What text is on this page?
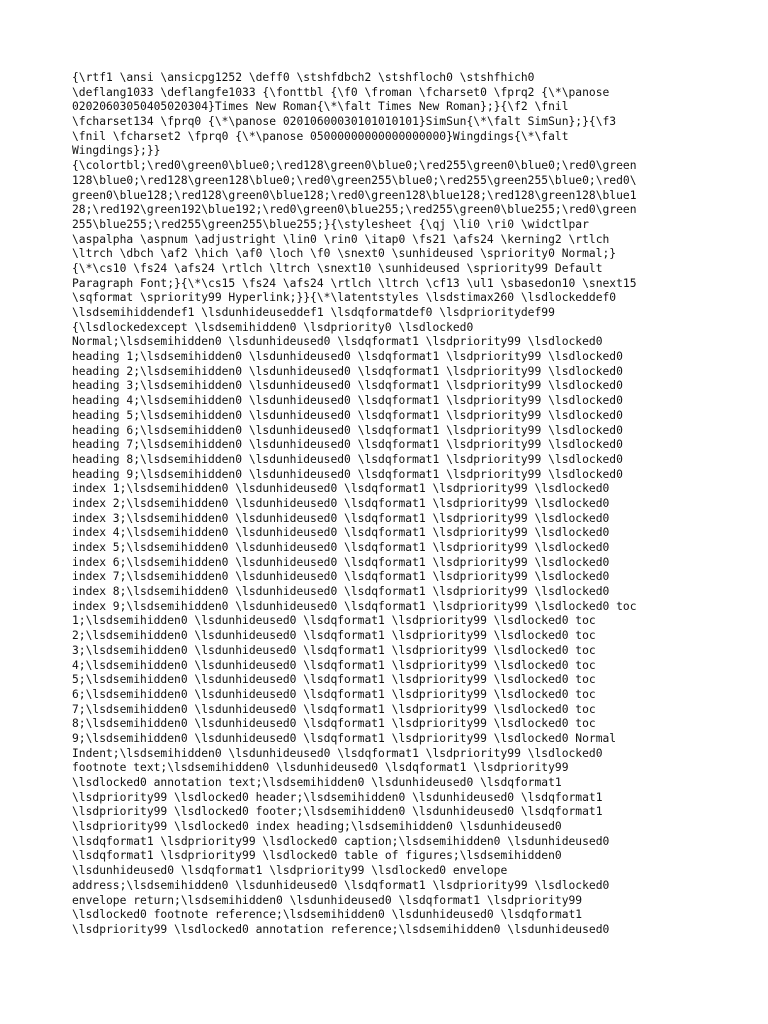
{\rtf1 \ansi \ansicpg1252 \deff0 \stshfdbch2 \stshfloch0 \stshfhich0
\deflang1033 \deflangfe1033 {\fonttbl {\f0 \froman \fcharset0 \fprq2 {\*\panose
02020603050405020304}Times New Roman{\*\falt Times New Roman};}{\f2 \fnil
\fcharset134 \fprq0 {\*\panose 02010600030101010101}SimSun{\*\falt SimSun};}{\f3
\fnil \fcharset2 \fprq0 {\*\panose 05000000000000000000}Wingdings{\*\falt
Wingdings};}}
{\colortbl;\red0\green0\blue0;\red128\green0\blue0;\red255\green0\blue0;\red0\green
128\blue0;\red128\green128\blue0;\red0\green255\blue0;\red255\green255\blue0;\red0\
green0\blue128;\red128\green0\blue128;\red0\green128\blue128;\red128\green128\blue1
28;\red192\green192\blue192;\red0\green0\blue255;\red255\green0\blue255;\red0\green
255\blue255;\red255\green255\blue255;}{\stylesheet {\qj \li0 \ri0 \widctlpar
\aspalpha \aspnum \adjustright \lin0 \rin0 \itap0 \fs21 \afs24 \kerning2 \rtlch
\ltrch \dbch \af2 \hich \af0 \loch \f0 \snext0 \sunhideused \spriority0 Normal;}
{\*\cs10 \fs24 \afs24 \rtlch \ltrch \snext10 \sunhideused \spriority99 Default
Paragraph Font;}{\*\cs15 \fs24 \afs24 \rtlch \ltrch \cf13 \ul1 \sbasedon10 \snext15
\sqformat \spriority99 Hyperlink;}}{\*\latentstyles \lsdstimax260 \lsdlockeddef0
\lsdsemihiddendef1 \lsdunhideuseddef1 \lsdqformatdef0 \lsdprioritydef99
{\lsdlockedexcept \lsdsemihidden0 \lsdpriority0 \lsdlocked0
Normal;\lsdsemihidden0 \lsdunhideused0 \lsdqformat1 \lsdpriority99 \lsdlocked0
heading 1;\lsdsemihidden0 \lsdunhideused0 \lsdqformat1 \lsdpriority99 \lsdlocked0
heading 2;\lsdsemihidden0 \lsdunhideused0 \lsdqformat1 \lsdpriority99 \lsdlocked0
heading 3;\lsdsemihidden0 \lsdunhideused0 \lsdqformat1 \lsdpriority99 \lsdlocked0
heading 4;\lsdsemihidden0 \lsdunhideused0 \lsdqformat1 \lsdpriority99 \lsdlocked0
heading 5;\lsdsemihidden0 \lsdunhideused0 \lsdqformat1 \lsdpriority99 \lsdlocked0
heading 6;\lsdsemihidden0 \lsdunhideused0 \lsdqformat1 \lsdpriority99 \lsdlocked0
heading 7;\lsdsemihidden0 \lsdunhideused0 \lsdqformat1 \lsdpriority99 \lsdlocked0
heading 8;\lsdsemihidden0 \lsdunhideused0 \lsdqformat1 \lsdpriority99 \lsdlocked0
heading 9;\lsdsemihidden0 \lsdunhideused0 \lsdqformat1 \lsdpriority99 \lsdlocked0
index 1;\lsdsemihidden0 \lsdunhideused0 \lsdqformat1 \lsdpriority99 \lsdlocked0
index 2;\lsdsemihidden0 \lsdunhideused0 \lsdqformat1 \lsdpriority99 \lsdlocked0
index 3;\lsdsemihidden0 \lsdunhideused0 \lsdqformat1 \lsdpriority99 \lsdlocked0
index 4;\lsdsemihidden0 \lsdunhideused0 \lsdqformat1 \lsdpriority99 \lsdlocked0
index 5;\lsdsemihidden0 \lsdunhideused0 \lsdqformat1 \lsdpriority99 \lsdlocked0
index 6;\lsdsemihidden0 \lsdunhideused0 \lsdqformat1 \lsdpriority99 \lsdlocked0
index 7;\lsdsemihidden0 \lsdunhideused0 \lsdqformat1 \lsdpriority99 \lsdlocked0
index 8;\lsdsemihidden0 \lsdunhideused0 \lsdqformat1 \lsdpriority99 \lsdlocked0
index 9;\lsdsemihidden0 \lsdunhideused0 \lsdqformat1 \lsdpriority99 \lsdlocked0 toc
1;\lsdsemihidden0 \lsdunhideused0 \lsdqformat1 \lsdpriority99 \lsdlocked0 toc
2;\lsdsemihidden0 \lsdunhideused0 \lsdqformat1 \lsdpriority99 \lsdlocked0 toc
3;\lsdsemihidden0 \lsdunhideused0 \lsdqformat1 \lsdpriority99 \lsdlocked0 toc
4;\lsdsemihidden0 \lsdunhideused0 \lsdqformat1 \lsdpriority99 \lsdlocked0 toc
5;\lsdsemihidden0 \lsdunhideused0 \lsdqformat1 \lsdpriority99 \lsdlocked0 toc
6;\lsdsemihidden0 \lsdunhideused0 \lsdqformat1 \lsdpriority99 \lsdlocked0 toc
7;\lsdsemihidden0 \lsdunhideused0 \lsdqformat1 \lsdpriority99 \lsdlocked0 toc
8;\lsdsemihidden0 \lsdunhideused0 \lsdqformat1 \lsdpriority99 \lsdlocked0 toc
9;\lsdsemihidden0 \lsdunhideused0 \lsdqformat1 \lsdpriority99 \lsdlocked0 Normal
Indent;\lsdsemihidden0 \lsdunhideused0 \lsdqformat1 \lsdpriority99 \lsdlocked0
footnote text;\lsdsemihidden0 \lsdunhideused0 \lsdqformat1 \lsdpriority99
\lsdlocked0 annotation text;\lsdsemihidden0 \lsdunhideused0 \lsdqformat1
\lsdpriority99 \lsdlocked0 header;\lsdsemihidden0 \lsdunhideused0 \lsdqformat1
\lsdpriority99 \lsdlocked0 footer;\lsdsemihidden0 \lsdunhideused0 \lsdqformat1
\lsdpriority99 \lsdlocked0 index heading;\lsdsemihidden0 \lsdunhideused0
\lsdqformat1 \lsdpriority99 \lsdlocked0 caption;\lsdsemihidden0 \lsdunhideused0
\lsdqformat1 \lsdpriority99 \lsdlocked0 table of figures;\lsdsemihidden0
\lsdunhideused0 \lsdqformat1 \lsdpriority99 \lsdlocked0 envelope
address;\lsdsemihidden0 \lsdunhideused0 \lsdqformat1 \lsdpriority99 \lsdlocked0
envelope return;\lsdsemihidden0 \lsdunhideused0 \lsdqformat1 \lsdpriority99
\lsdlocked0 footnote reference;\lsdsemihidden0 \lsdunhideused0 \lsdqformat1
\lsdpriority99 \lsdlocked0 annotation reference;\lsdsemihidden0 \lsdunhideused0
